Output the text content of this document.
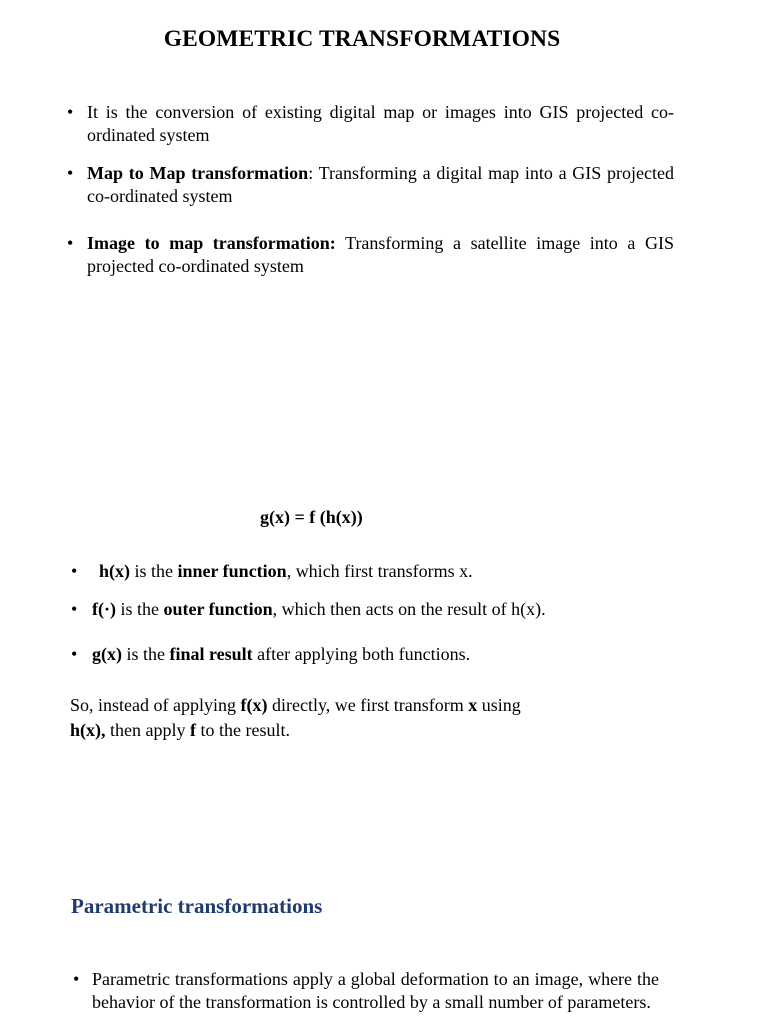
GEOMETRIC TRANSFORMATIONS
• It is the conversion of existing digital map or images into GIS projected co-ordinated system
• Map to Map transformation: Transforming a digital map into a GIS projected co-ordinated system
• Image to map transformation: Transforming a satellite image into a GIS projected co-ordinated system
g(x) = f (h(x))
• h(x) is the inner function, which first transforms x.
• f(·) is the outer function, which then acts on the result of h(x).
• g(x) is the final result after applying both functions.
So, instead of applying f(x) directly, we first transform x using
h(x), then apply f to the result.
Parametric transformations
• Parametric transformations apply a global deformation to an image, where the behavior of the transformation is controlled by a small number of parameters.
